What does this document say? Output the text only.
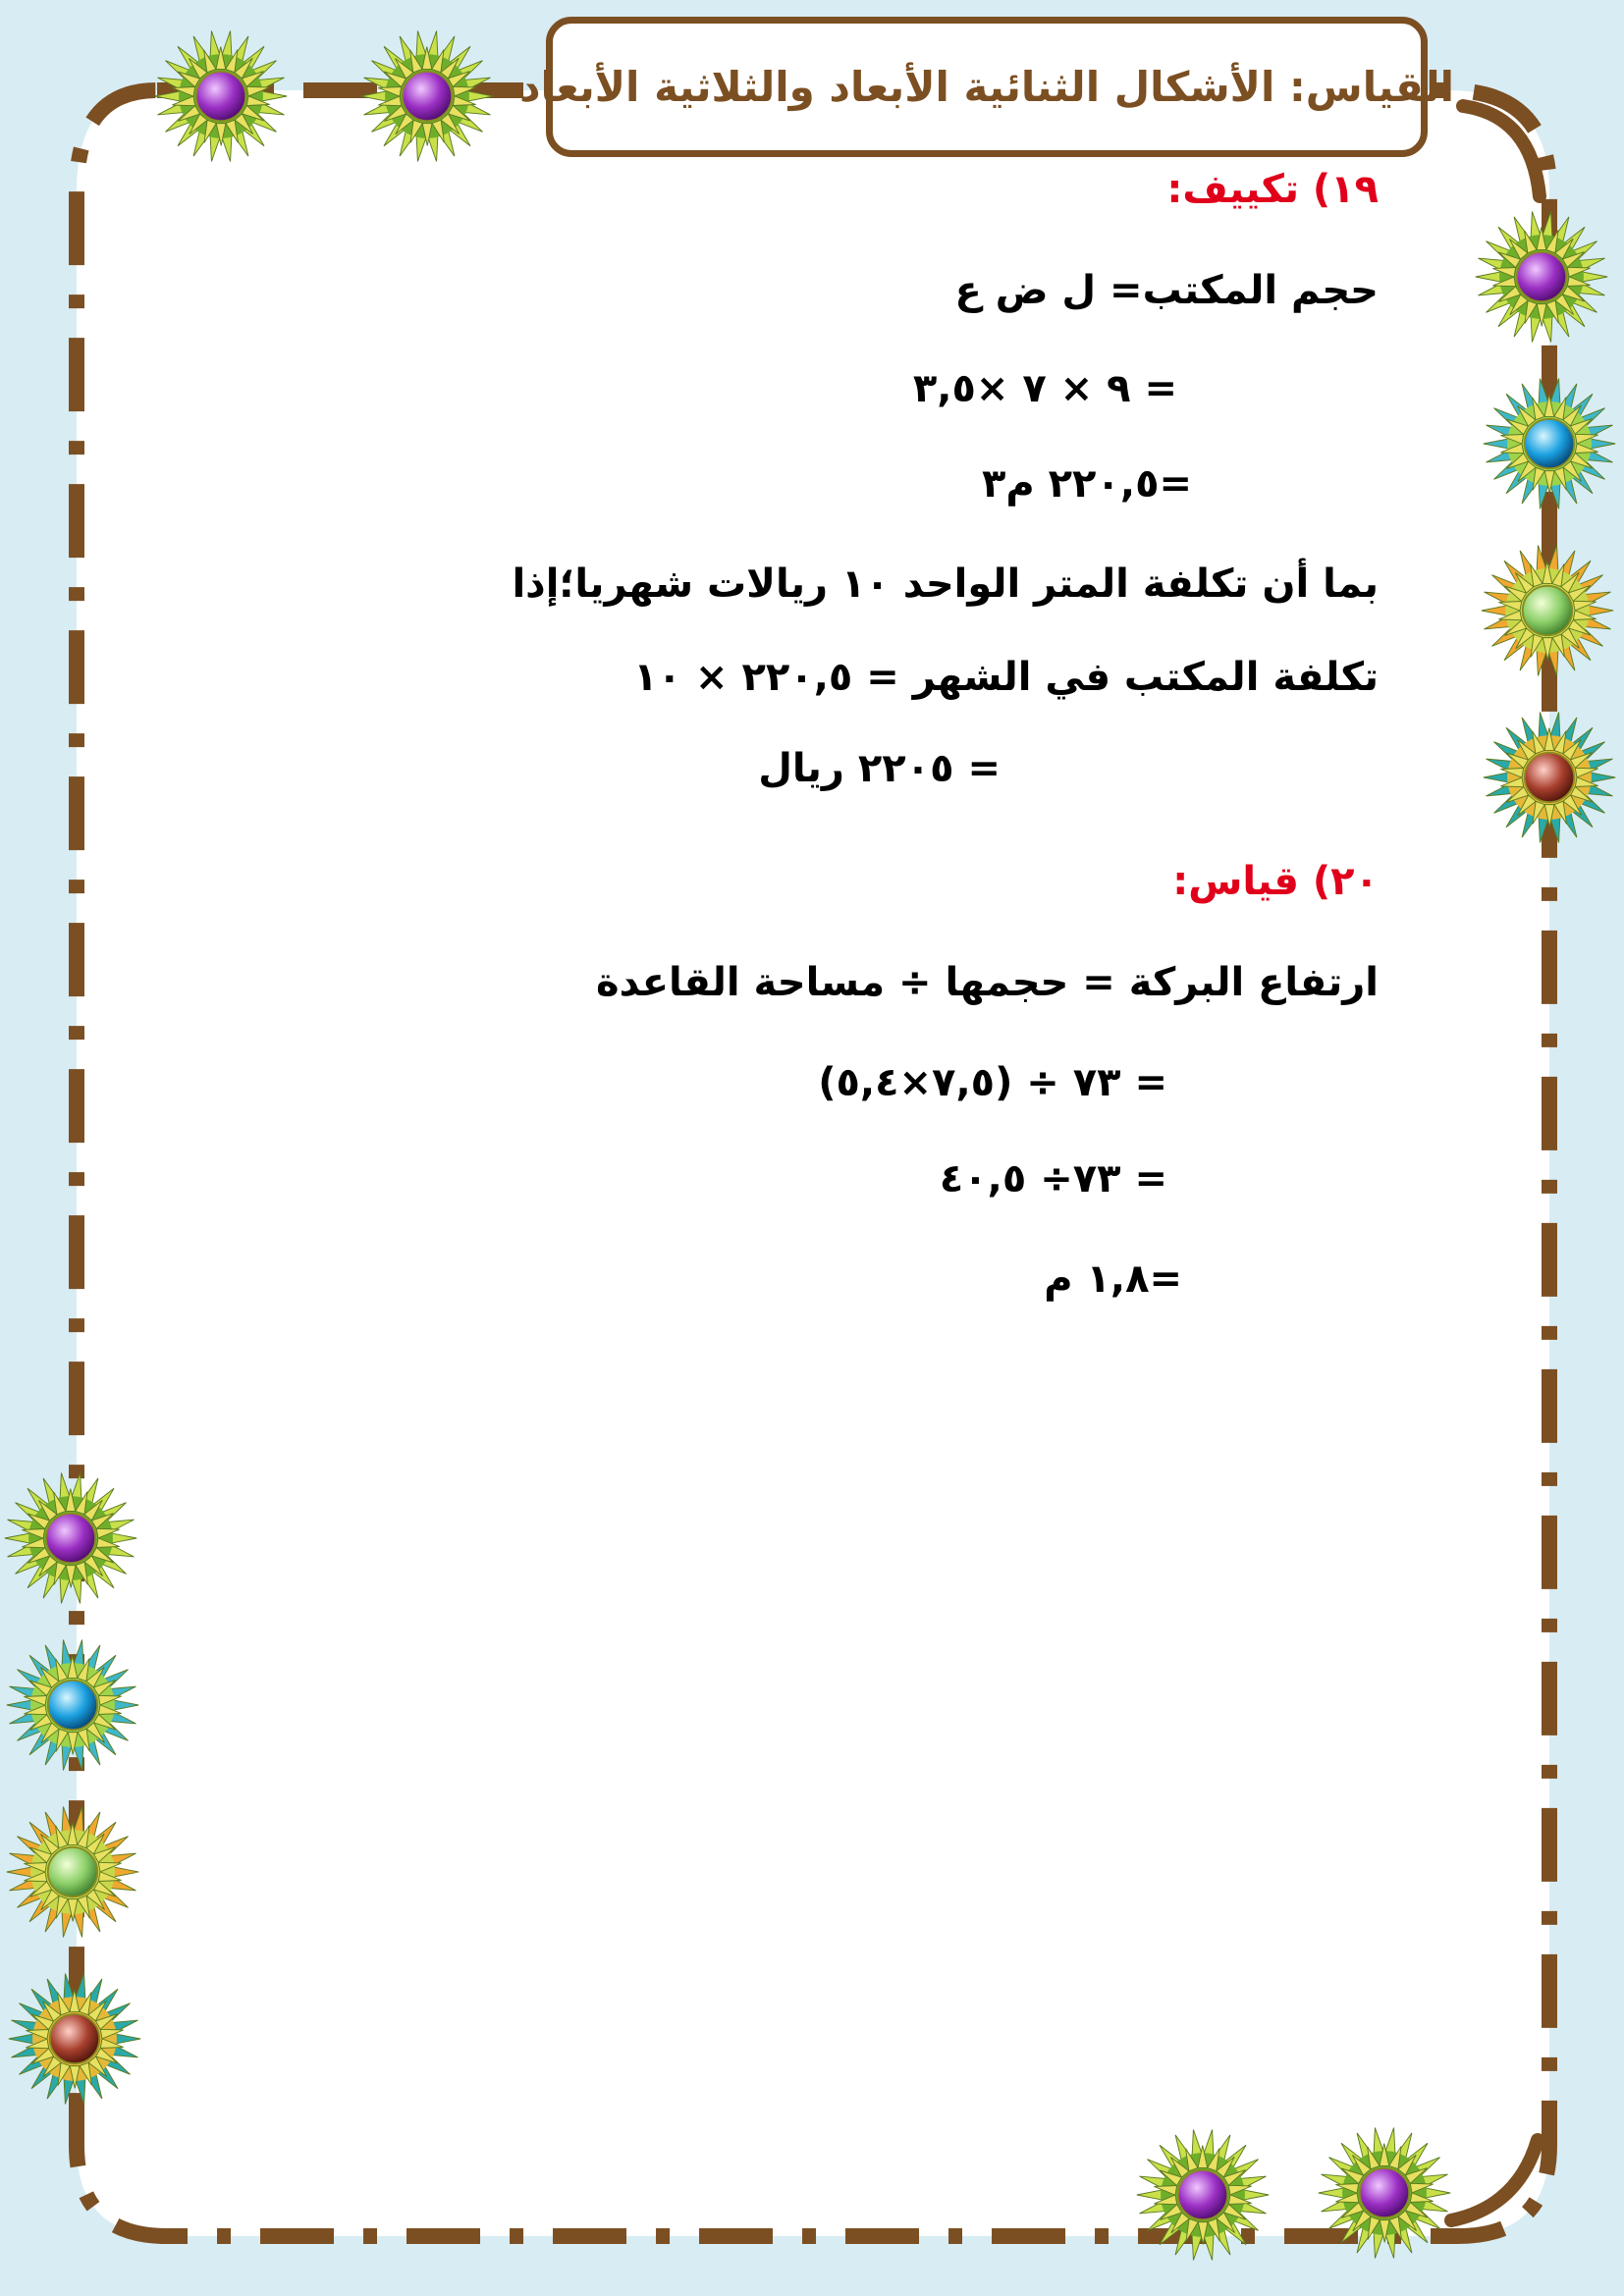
القياس: الأشكال الثنائية الأبعاد والثلاثية الأبعاد
١٩) تكييف:
حجم المكتب= ل ض ع
= ٩ × ٧ ×٣,٥
=٢٢٠,٥ م٣
بما أن تكلفة المتر الواحد ١٠ ريالات شهريا؛إذا
تكلفة المكتب في الشهر = ٢٢٠,٥ × ١٠
= ٢٢٠٥ ريال
٢٠) قياس:
ارتفاع البركة = حجمها ÷ مساحة القاعدة
= ٧٣ ÷ (٧,٥×٥,٤)
= ٧٣÷ ٤٠,٥
=١,٨ م
